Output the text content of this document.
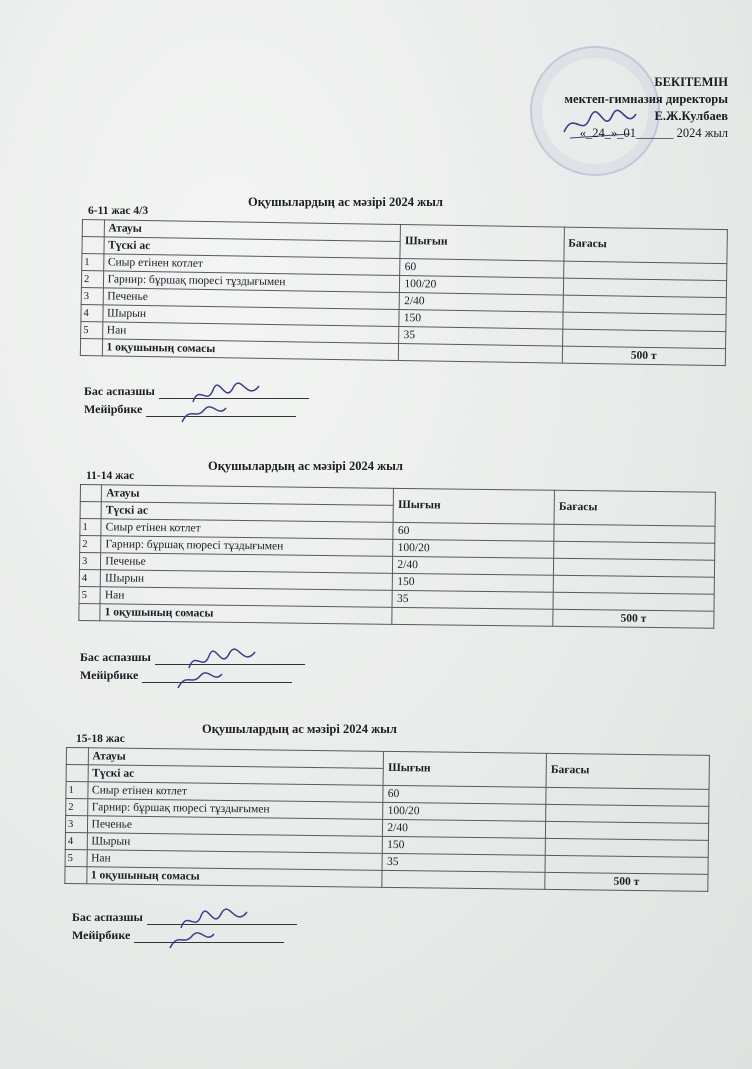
БЕКІТЕМІН
мектеп-гимназия директоры
Е.Ж.Кулбаев
«_24_»_01______ 2024 жыл
Оқушылардың ас мәзірі 2024 жыл
6-11 жас 4/3
	Атауы	Шығын	Бағасы
	Түскі ас		
1	Сиыр етінен котлет	60	
2	Гарнир: бұршақ пюресі тұздығымен	100/20	
3	Печенье	2/40	
4	Шырын	150	
5	Нан	35	
	1 оқушының сомасы		500 т
Бас аспазшы
Мейірбике
Оқушылардың ас мәзірі 2024 жыл
11-14 жас
	Атауы	Шығын	Бағасы
	Түскі ас		
1	Сиыр етінен котлет	60	
2	Гарнир: бұршақ пюресі тұздығымен	100/20	
3	Печенье	2/40	
4	Шырын	150	
5	Нан	35	
	1 оқушының сомасы		500 т
Бас аспазшы
Мейірбике
Оқушылардың ас мәзірі 2024 жыл
15-18 жас
	Атауы	Шығын	Бағасы
	Түскі ас		
1	Сиыр етінен котлет	60	
2	Гарнир: бұршақ пюресі тұздығымен	100/20	
3	Печенье	2/40	
4	Шырын	150	
5	Нан	35	
	1 оқушының сомасы		500 т
Бас аспазшы
Мейірбике
